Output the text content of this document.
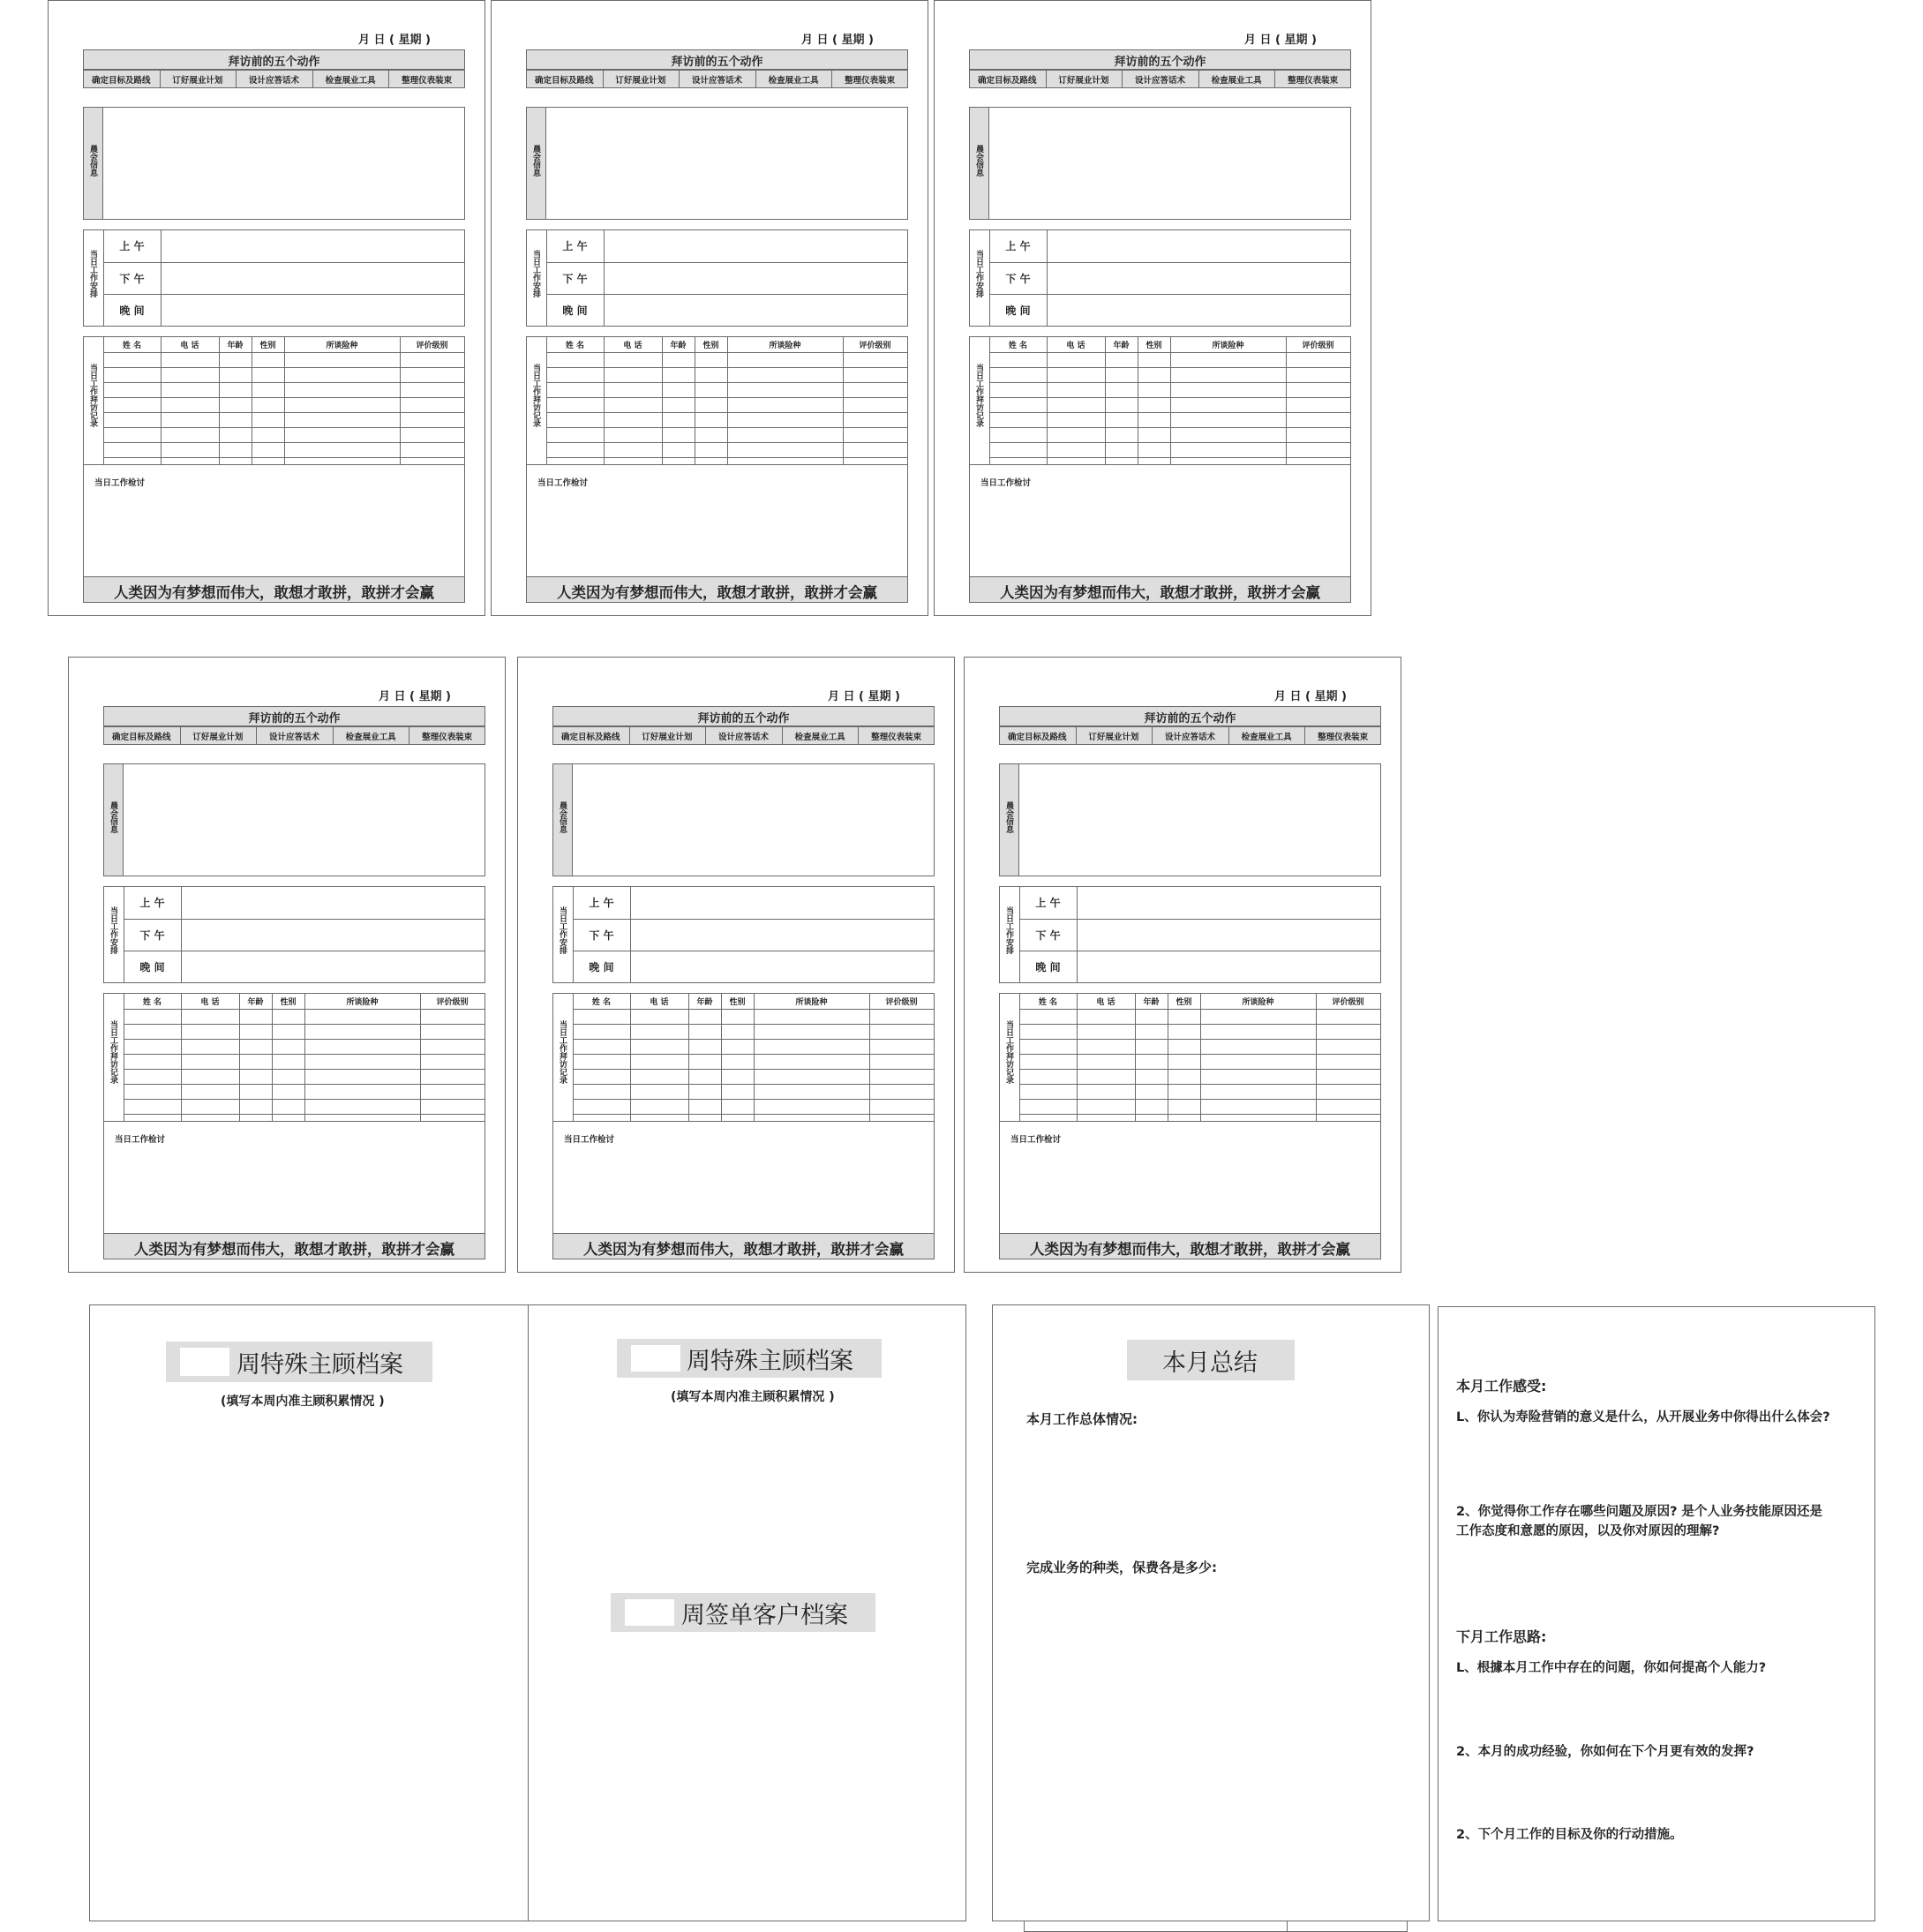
月 日 ( 星期 )
拜访前的五个动作
确定目标及路线	订好展业计划	设计应答话术	检查展业工具	整理仪表装束
晨会信息
当日工作安排
上 午
下 午
晚 间
当日工作拜访记录
姓 名	电 话	年龄	性别	所谈险种	评价级别
当日工作检讨
人类因为有梦想而伟大，敢想才敢拼，敢拼才会赢
月 日 ( 星期 )
拜访前的五个动作
确定目标及路线	订好展业计划	设计应答话术	检查展业工具	整理仪表装束
晨会信息
当日工作安排
上 午
下 午
晚 间
当日工作拜访记录
姓 名	电 话	年龄	性别	所谈险种	评价级别
当日工作检讨
人类因为有梦想而伟大，敢想才敢拼，敢拼才会赢
月 日 ( 星期 )
拜访前的五个动作
确定目标及路线	订好展业计划	设计应答话术	检查展业工具	整理仪表装束
晨会信息
当日工作安排
上 午
下 午
晚 间
当日工作拜访记录
姓 名	电 话	年龄	性别	所谈险种	评价级别
当日工作检讨
人类因为有梦想而伟大，敢想才敢拼，敢拼才会赢
月 日 ( 星期 )
拜访前的五个动作
确定目标及路线	订好展业计划	设计应答话术	检查展业工具	整理仪表装束
晨会信息
当日工作安排
上 午
下 午
晚 间
当日工作拜访记录
姓 名	电 话	年龄	性别	所谈险种	评价级别
当日工作检讨
人类因为有梦想而伟大，敢想才敢拼，敢拼才会赢
月 日 ( 星期 )
拜访前的五个动作
确定目标及路线	订好展业计划	设计应答话术	检查展业工具	整理仪表装束
晨会信息
当日工作安排
上 午
下 午
晚 间
当日工作拜访记录
姓 名	电 话	年龄	性别	所谈险种	评价级别
当日工作检讨
人类因为有梦想而伟大，敢想才敢拼，敢拼才会赢
月 日 ( 星期 )
拜访前的五个动作
确定目标及路线	订好展业计划	设计应答话术	检查展业工具	整理仪表装束
晨会信息
当日工作安排
上 午
下 午
晚 间
当日工作拜访记录
姓 名	电 话	年龄	性别	所谈险种	评价级别
当日工作检讨
人类因为有梦想而伟大，敢想才敢拼，敢拼才会赢
周特殊主顾档案
(填写本周内准主顾积累情况 )
周特殊主顾档案
(填写本周内准主顾积累情况 )
周签单客户档案
本月总结
本月工作总体情况:
完成业务的种类，保费各是多少:
本月工作感受:
L、你认为寿险营销的意义是什么，从开展业务中你得出什么体会?
2、你觉得你工作存在哪些问题及原因? 是个人业务技能原因还是
工作态度和意愿的原因，以及你对原因的理解?
下月工作思路:
L、根據本月工作中存在的问题，你如何提高个人能力?
2、本月的成功经验，你如何在下个月更有效的发挥?
2、下个月工作的目标及你的行动措施。
